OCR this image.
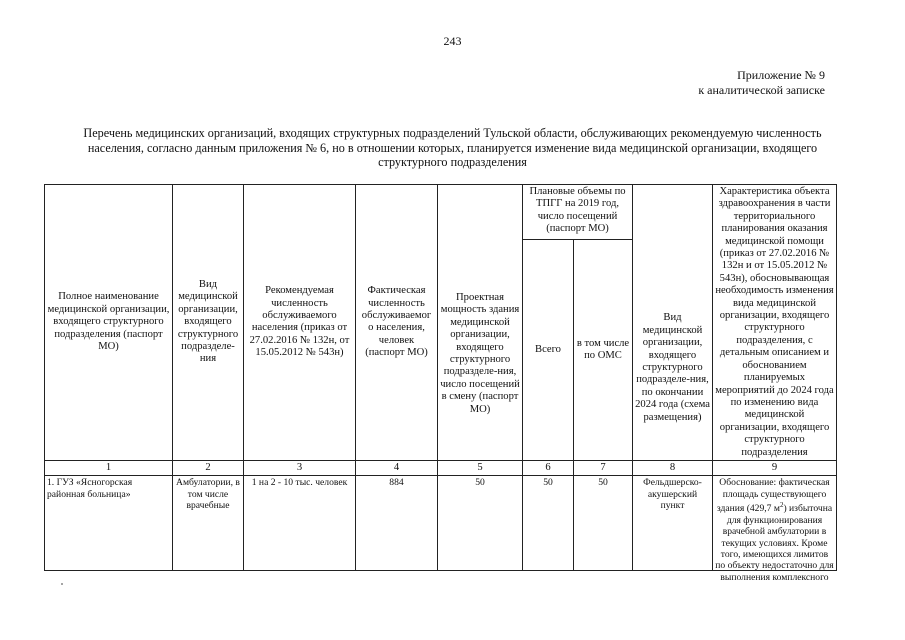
243
Приложение № 9
к аналитической записке
Перечень медицинских организаций, входящих структурных подразделений Тульской области, обслуживающих рекомендуемую численность населения, согласно данным приложения № 6, но в отношении которых, планируется изменение вида медицинской организации, входящего структурного подразделения
Полное наименование медицинской организации, входящего структурного подразделения (паспорт МО)	Вид медицинской организации, входящего структурного подразделе-ния	Рекомендуемая численность обслуживаемого населения (приказ от 27.02.2016 № 132н, от 15.05.2012 № 543н)	Фактическая численность обслуживаемог о населения, человек (паспорт МО)	Проектная мощность здания медицинской организации, входящего структурного подразделе-ния, число посещений в смену (паспорт МО)	Плановые объемы по ТПГГ на 2019 год, число посещений (паспорт МО)		Вид медицинской организации, входящего структурного подразделе-ния, по окончании 2024 года (схема размещения)	Характеристика объекта здравоохранения в части территориального планирования оказания медицинской помощи (приказ от 27.02.2016 № 132н и от 15.05.2012 № 543н), обосновывающая необходимость изменения вида медицинской организации, входящего структурного подразделения, с детальным описанием и обоснованием планируемых мероприятий до 2024 года по изменению вида медицинской организации, входящего структурного подразделения
					Всего	в том числе по ОМС		
1	2	3	4	5	6	7	8	9
1. ГУЗ «Ясногорская районная больница»	Амбулатории, в том числе врачебные	1 на 2 - 10 тыс. человек	884	50	50	50	Фельдшерско-акушерский пункт	Обоснование: фактическая площадь существующего здания (429,7 $м^2$) избыточна для функционирования врачебной амбулатории в текущих условиях. Кроме того, имеющихся лимитов по объекту недостаточно для выполнения комплексного
